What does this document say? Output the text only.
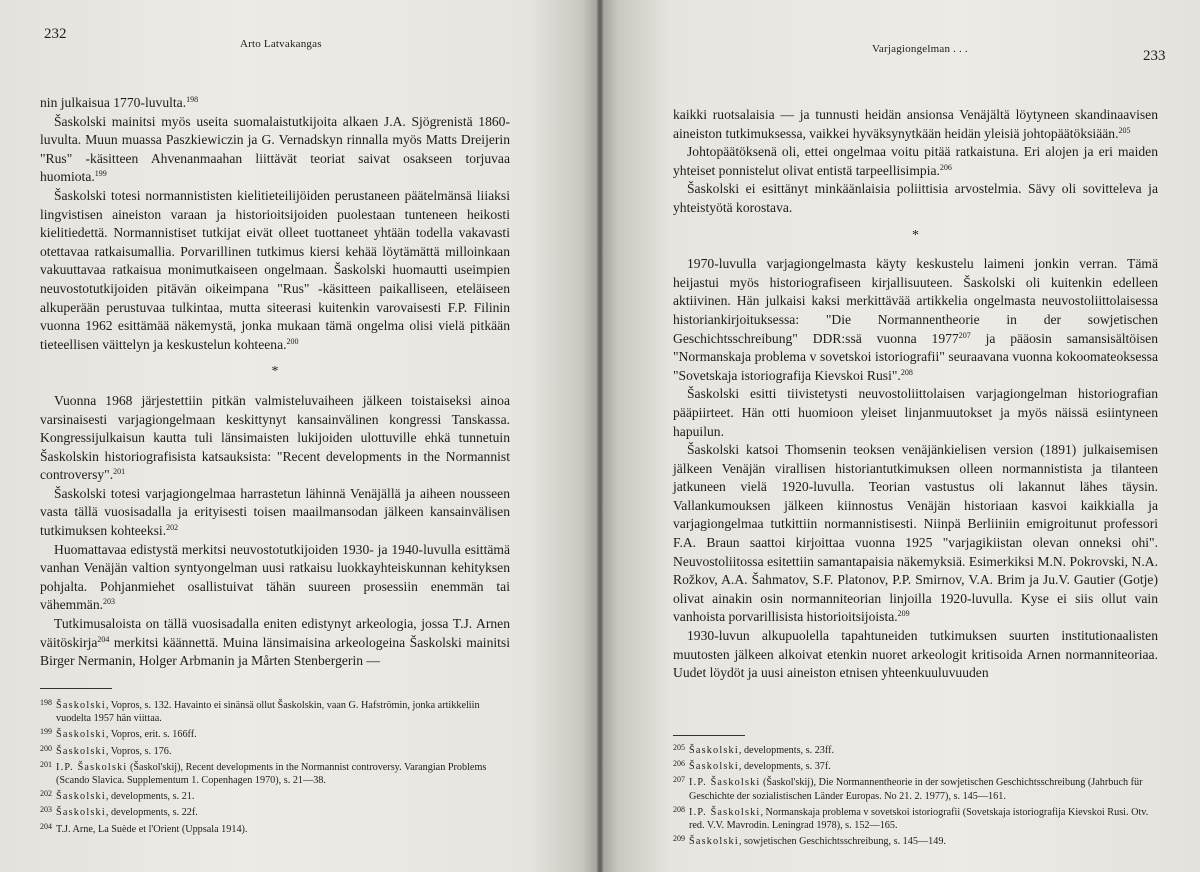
232
Arto Latvakangas

nin julkaisua 1770-luvulta.$^{198}$

Šaskolski mainitsi myös useita suomalaistutkijoita alkaen J.A. Sjögrenistä 1860-luvulta. Muun muassa Paszkiewiczin ja G. Vernadskyn rinnalla myös Matts Dreijerin "Rus" -käsitteen Ahvenanmaahan liittävät teoriat saivat osakseen torjuvaa huomiota.$^{199}$

Šaskolski totesi normannististen kielitieteilijöiden perustaneen päätelmänsä liiaksi lingvistisen aineiston varaan ja historioitsijoiden puolestaan tunteneen heikosti kielitiedettä. Normannistiset tutkijat eivät olleet tuottaneet yhtään todella vakavasti otettavaa ratkaisumallia. Porvarillinen tutkimus kiersi kehää löytämättä milloinkaan vakuuttavaa ratkaisua monimutkaiseen ongelmaan. Šaskolski huomautti useimpien neuvostotutkijoiden pitävän oikeimpana "Rus" -käsitteen paikalliseen, eteläiseen alkuperään perustuvaa tulkintaa, mutta siteerasi kuitenkin varovaisesti F.P. Filinin vuonna 1962 esittämää näkemystä, jonka mukaan tämä ongelma olisi vielä pitkään tieteellisen väittelyn ja keskustelun kohteena.$^{200}$

*

Vuonna 1968 järjestettiin pitkän valmisteluvaiheen jälkeen toistaiseksi ainoa varsinaisesti varjagiongelmaan keskittynyt kansainvälinen kongressi Tanskassa. Kongressijulkaisun kautta tuli länsimaisten lukijoiden ulottuville ehkä tunnetuin Šaskolskin historiografisista katsauksista: "Recent developments in the Normannist controversy".$^{201}$

Šaskolski totesi varjagiongelmaa harrastetun lähinnä Venäjällä ja aiheen nousseen vasta tällä vuosisadalla ja erityisesti toisen maailmansodan jälkeen kansainvälisen tutkimuksen kohteeksi.$^{202}$

Huomattavaa edistystä merkitsi neuvostotutkijoiden 1930- ja 1940-luvulla esittämä vanhan Venäjän valtion syntyongelman uusi ratkaisu luokkayhteiskunnan kehityksen pohjalta. Pohjanmiehet osallistuivat tähän suureen prosessiin enemmän tai vähemmän.$^{203}$

Tutkimusaloista on tällä vuosisadalla eniten edistynyt arkeologia, jossa T.J. Arnen väitöskirja$^{204}$ merkitsi käännettä. Muina länsimaisina arkeologeina Šaskolski mainitsi Birger Nermanin, Holger Arbmanin ja Mårten Stenbergerin —

198 Šaskolski, Vopros, s. 132. Havainto ei sinänsä ollut Šaskolskin, vaan G. Hafströmin, jonka artikkeliin vuodelta 1957 hän viittaa.

199 Šaskolski, Vopros, erit. s. 166ff.

200 Šaskolski, Vopros, s. 176.

201 I.P. Šaskolski (Šaskol'skij), Recent developments in the Normannist controversy. Varangian Problems (Scando Slavica. Supplementum 1. Copenhagen 1970), s. 21—38.

202 Šaskolski, developments, s. 21.

203 Šaskolski, developments, s. 22f.

204 T.J. Arne, La Suède et l'Orient (Uppsala 1914).

Varjagiongelman . . .	233

kaikki ruotsalaisia — ja tunnusti heidän ansionsa Venäjältä löytyneen skandinaavisen aineiston tutkimuksessa, vaikkei hyväksynytkään heidän yleisiä johtopäätöksiään.$^{205}$

Johtopäätöksenä oli, ettei ongelmaa voitu pitää ratkaistuna. Eri alojen ja eri maiden yhteiset ponnistelut olivat entistä tarpeellisimpia.$^{206}$

Šaskolski ei esittänyt minkäänlaisia poliittisia arvostelmia. Sävy oli sovittelеva ja yhteistyötä korostava.

*

1970-luvulla varjagiongelmasta käyty keskustelu laimeni jonkin verran. Tämä heijastui myös historiografiseen kirjallisuuteen. Šaskolski oli kuitenkin edelleen aktiivinen. Hän julkaisi kaksi merkittävää artikkelia ongelmasta neuvostoliittolaisessa historiankirjoituksessa: "Die Normannentheorie in der sowjetischen Geschichtsschreibung" DDR:ssä vuonna 1977$^{207}$ ja pääosin samansisältöisen "Normanskaja problema v sovetskoi istoriografii" seuraavana vuonna kokoomateoksessa "Sovetskaja istoriografija Kievskoi Rusi".$^{208}$

Šaskolski esitti tiivistetysti neuvostoliittolaisen varjagiongelman historiografian pääpiirteet. Hän otti huomioon yleiset linjanmuutokset ja myös näissä esiintyneen hapuilun.

Šaskolski katsoi Thomsenin teoksen venäjänkielisen version (1891) julkaisemisen jälkeen Venäjän virallisen historiantutkimuksen olleen normannistista ja tilanteen jatkuneen vielä 1920-luvulla. Teorian vastustus oli lakannut lähes täysin. Vallankumouksen jälkeen kiinnostus Venäjän historiaan kasvoi kaikkialla ja varjagiongelmaa tutkittiin normannistisesti. Niinpä Berliiniin emigroitunut professori F.A. Braun saattoi kirjoittaa vuonna 1925 "varjagikiistan olevan onneksi ohi". Neuvostoliitossa esitettiin samantapaisia näkemyksiä. Esimerkiksi M.N. Pokrovski, N.A. Rožkov, A.A. Šahmatov, S.F. Platonov, P.P. Smirnov, V.A. Brim ja Ju.V. Gautier (Gotje) olivat ainakin osin normannitеorian linjoilla 1920-luvulla. Kyse ei siis ollut vain vanhoista porvarillisista historioitsijoista.$^{209}$

1930-luvun alkupuolella tapahtuneiden tutkimuksen suurten institutionaalisten muutosten jälkeen alkoivat etenkin nuoret arkeologit kritisoida Arnen normanniteoriaa. Uudet löydöt ja uusi aineiston etnisen yhteenkuuluvuuden

205 Šaskolski, developments, s. 23ff.

206 Šaskolski, developments, s. 37f.

207 I.P. Šaskolski (Šaskol'skij), Die Normannentheorie in der sowjetischen Geschichtsschreibung (Jahrbuch für Geschichte der sozialistischen Länder Europas. No 21. 2. 1977), s. 145—161.

208 I.P. Šaskolski, Normanskaja problema v sovetskoi istoriografii (Sovetskaja istoriografija Kievskoi Rusi. Otv. red. V.V. Mavrodin. Leningrad 1978), s. 152—165.

209 Šaskolski, sowjetischen Geschichtsschreibung, s. 145—149.
